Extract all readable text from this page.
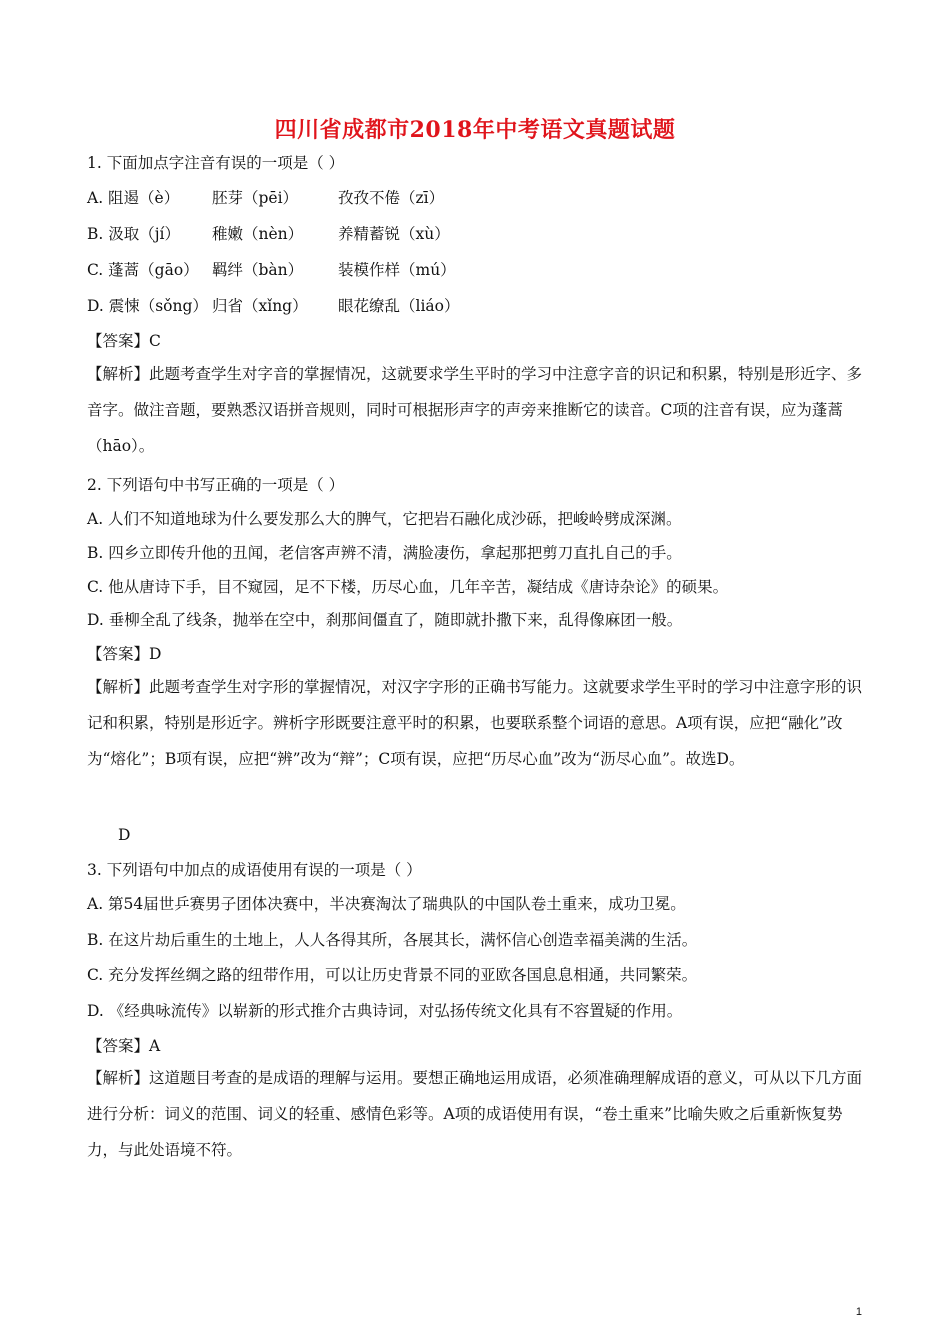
四川省成都市2018年中考语文真题试题
1. 下面加点字注音有误的一项是（ ）
A. 阻遏（è） 胚芽（pēi）	孜孜不倦（zī）
B. 汲取（jí） 稚嫩（nèn） 养精蓄锐（xù）
C. 蓬蒿（gāo） 羁绊（bàn） 装模作样（mú）
D. 震悚（sǒng） 归省（xǐng） 眼花缭乱（liáo）
【答案】C
【解析】此题考查学生对字音的掌握情况，这就要求学生平时的学习中注意字音的识记和积累，特别是形近字、多音字。做注音题，要熟悉汉语拼音规则，同时可根据形声字的声旁来推断它的读音。C项的注音有误，应为蓬蒿（hāo）。
2. 下列语句中书写正确的一项是（ ）
A. 人们不知道地球为什么要发那么大的脾气，它把岩石融化成沙砾，把峻岭劈成深渊。
B. 四乡立即传升他的丑闻，老信客声辨不清，满脸凄伤，拿起那把剪刀直扎自己的手。
C. 他从唐诗下手，目不窥园，足不下楼，历尽心血，几年辛苦，凝结成《唐诗杂论》的硕果。
D. 垂柳全乱了线条，抛举在空中，刹那间僵直了，随即就扑撒下来，乱得像麻团一般。
【答案】D
【解析】此题考查学生对字形的掌握情况，对汉字字形的正确书写能力。这就要求学生平时的学习中注意字形的识记和积累，特别是形近字。辨析字形既要注意平时的积累，也要联系整个词语的意思。A项有误，应把“融化”改为“熔化”；B项有误，应把“辨”改为“辩”；C项有误，应把“历尽心血”改为“沥尽心血”。故选D。
D
3. 下列语句中加点的成语使用有误的一项是（ ）
A. 第54届世乒赛男子团体决赛中，半决赛淘汰了瑞典队的中国队卷土重来，成功卫冕。
B. 在这片劫后重生的土地上，人人各得其所，各展其长，满怀信心创造幸福美满的生活。
C. 充分发挥丝绸之路的纽带作用，可以让历史背景不同的亚欧各国息息相通，共同繁荣。
D. 《经典咏流传》以崭新的形式推介古典诗词，对弘扬传统文化具有不容置疑的作用。
【答案】A
【解析】这道题目考查的是成语的理解与运用。要想正确地运用成语，必须准确理解成语的意义，可从以下几方面进行分析：词义的范围、词义的轻重、感情色彩等。A项的成语使用有误，“卷土重来”比喻失败之后重新恢复势力，与此处语境不符。
1
